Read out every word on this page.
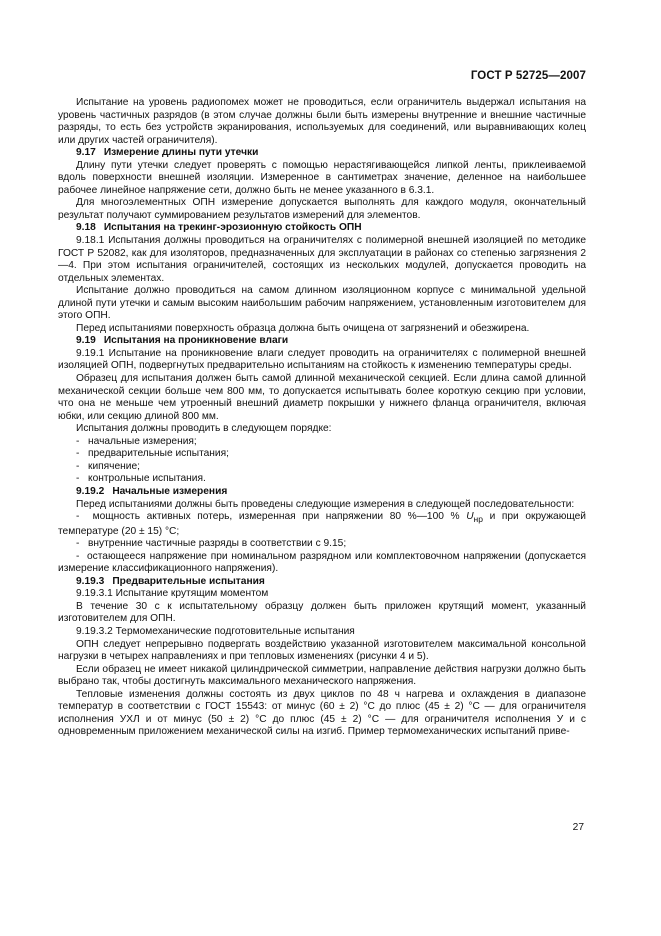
ГОСТ Р 52725—2007

Испытание на уровень радиопомех может не проводиться, если ограничитель выдержал испытания на уровень частичных разрядов (в этом случае должны были быть измерены внутренние и внешние частичные разряды, то есть без устройств экранирования, используемых для соединений, или выравнивающих колец или других частей ограничителя).

9.17 Измерение длины пути утечки

Длину пути утечки следует проверять с помощью нерастягивающейся липкой ленты, приклеиваемой вдоль поверхности внешней изоляции. Измеренное в сантиметрах значение, деленное на наибольшее рабочее линейное напряжение сети, должно быть не менее указанного в 6.3.1.

Для многоэлементных ОПН измерение допускается выполнять для каждого модуля, окончательный результат получают суммированием результатов измерений для элементов.

9.18 Испытания на трекинг-эрозионную стойкость ОПН

9.18.1 Испытания должны проводиться на ограничителях с полимерной внешней изоляцией по методике ГОСТ Р 52082, как для изоляторов, предназначенных для эксплуатации в районах со степенью загрязнения 2—4. При этом испытания ограничителей, состоящих из нескольких модулей, допускается проводить на отдельных элементах.

Испытание должно проводиться на самом длинном изоляционном корпусе с минимальной удельной длиной пути утечки и самым высоким наибольшим рабочим напряжением, установленным изготовителем для этого ОПН.

Перед испытаниями поверхность образца должна быть очищена от загрязнений и обезжирена.

9.19 Испытания на проникновение влаги

9.19.1 Испытание на проникновение влаги следует проводить на ограничителях с полимерной внешней изоляцией ОПН, подвергнутых предварительно испытаниям на стойкость к изменению температуры среды.

Образец для испытания должен быть самой длинной механической секцией. Если длина самой длинной механической секции больше чем 800 мм, то допускается испытывать более короткую секцию при условии, что она не меньше чем утроенный внешний диаметр покрышки у нижнего фланца ограничителя, включая юбки, или секцию длиной 800 мм.

Испытания должны проводить в следующем порядке:

- начальные измерения;

- предварительные испытания;

- кипячение;

- контрольные испытания.

9.19.2 Начальные измерения

Перед испытаниями должны быть проведены следующие измерения в следующей последовательности:

-  мощность активных потерь, измеренная при напряжении 80 %—100 % $U_{нр}$ и при окружающей температуре (20 ± 15) °С;

- внутренние частичные разряды в соответствии с 9.15;

-  остающееся напряжение при номинальном разрядном или комплектовочном напряжении (допускается измерение классификационного напряжения).

9.19.3 Предварительные испытания

9.19.3.1 Испытание крутящим моментом

В течение 30 с к испытательному образцу должен быть приложен крутящий момент, указанный изготовителем для ОПН.

9.19.3.2 Термомеханические подготовительные испытания

ОПН следует непрерывно подвергать воздействию указанной изготовителем максимальной консольной нагрузки в четырех направлениях и при тепловых изменениях (рисунки 4 и 5).

Если образец не имеет никакой цилиндрической симметрии, направление действия нагрузки должно быть выбрано так, чтобы достигнуть максимального механического напряжения.

Тепловые изменения должны состоять из двух циклов по 48 ч нагрева и охлаждения в диапазоне температур в соответствии с ГОСТ 15543: от минус (60 ± 2) °С до плюс (45 ± 2) °С — для ограничителя исполнения УХЛ и от минус (50 ± 2) °С до плюс (45 ± 2) °С — для ограничителя исполнения У и с одновременным приложением механической силы на изгиб. Пример термомеханических испытаний приве-

27
